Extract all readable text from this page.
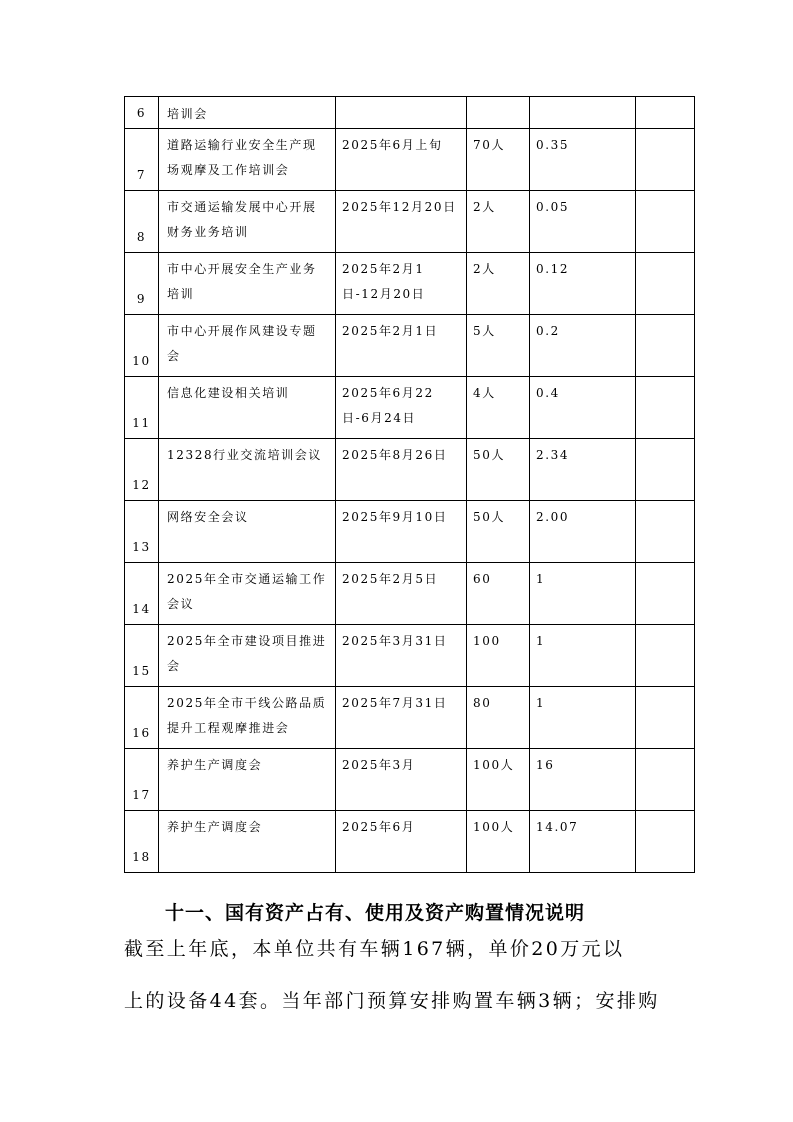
6	培训会				
7	道路运输行业安全生产现场观摩及工作培训会	2025年6月上旬	70人	0.35	
8	市交通运输发展中心开展财务业务培训	2025年12月20日	2人	0.05	
9	市中心开展安全生产业务培训	2025年2月1日-12月20日	2人	0.12	
10	市中心开展作风建设专题会	2025年2月1日	5人	0.2	
11	信息化建设相关培训	2025年6月22日-6月24日	4人	0.4	
12	12328行业交流培训会议	2025年8月26日	50人	2.34	
13	网络安全会议	2025年9月10日	50人	2.00	
14	2025年全市交通运输工作会议	2025年2月5日	60	1	
15	2025年全市建设项目推进会	2025年3月31日	100	1	
16	2025年全市干线公路品质提升工程观摩推进会	2025年7月31日	80	1	
17	养护生产调度会	2025年3月	100人	16	
18	养护生产调度会	2025年6月	100人	14.07	
十一、国有资产占有、使用及资产购置情况说明
截至上年底，本单位共有车辆167辆，单价20万元以
上的设备44套。当年部门预算安排购置车辆3辆；安排购
